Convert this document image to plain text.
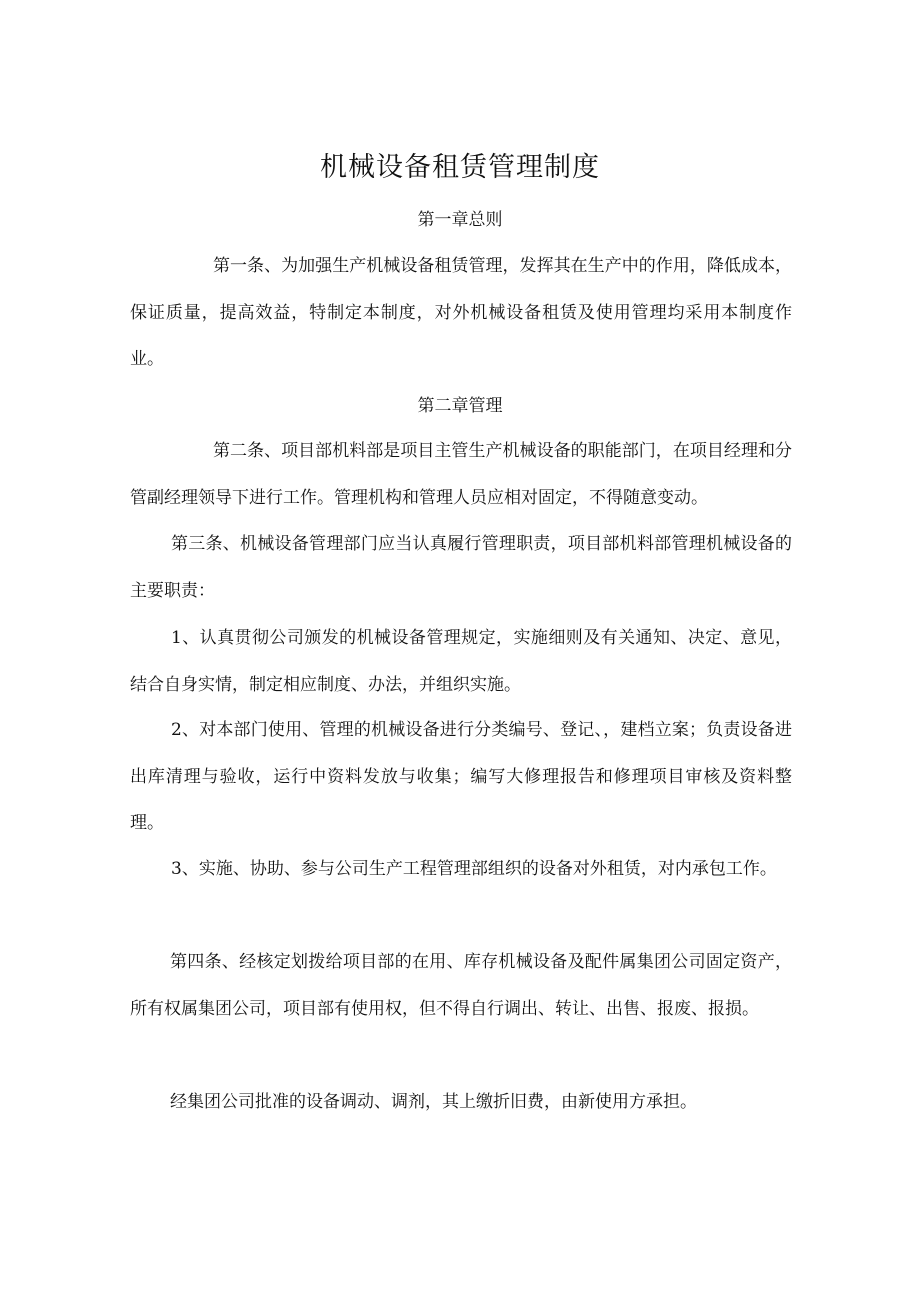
机械设备租赁管理制度
第一章总则
第一条、为加强生产机械设备租赁管理，发挥其在生产中的作用，降低成本，保证质量，提高效益，特制定本制度，对外机械设备租赁及使用管理均采用本制度作业。
第二章管理
第二条、项目部机料部是项目主管生产机械设备的职能部门，在项目经理和分管副经理领导下进行工作。管理机构和管理人员应相对固定，不得随意变动。
第三条、机械设备管理部门应当认真履行管理职责，项目部机料部管理机械设备的主要职责：
1、认真贯彻公司颁发的机械设备管理规定，实施细则及有关通知、决定、意见，结合自身实情，制定相应制度、办法，并组织实施。
2、对本部门使用、管理的机械设备进行分类编号、登记、，建档立案；负责设备进出库清理与验收，运行中资料发放与收集；编写大修理报告和修理项目审核及资料整理。
3、实施、协助、参与公司生产工程管理部组织的设备对外租赁，对内承包工作。
第四条、经核定划拨给项目部的在用、库存机械设备及配件属集团公司固定资产，所有权属集团公司，项目部有使用权，但不得自行调出、转让、出售、报废、报损。
经集团公司批准的设备调动、调剂，其上缴折旧费，由新使用方承担。
